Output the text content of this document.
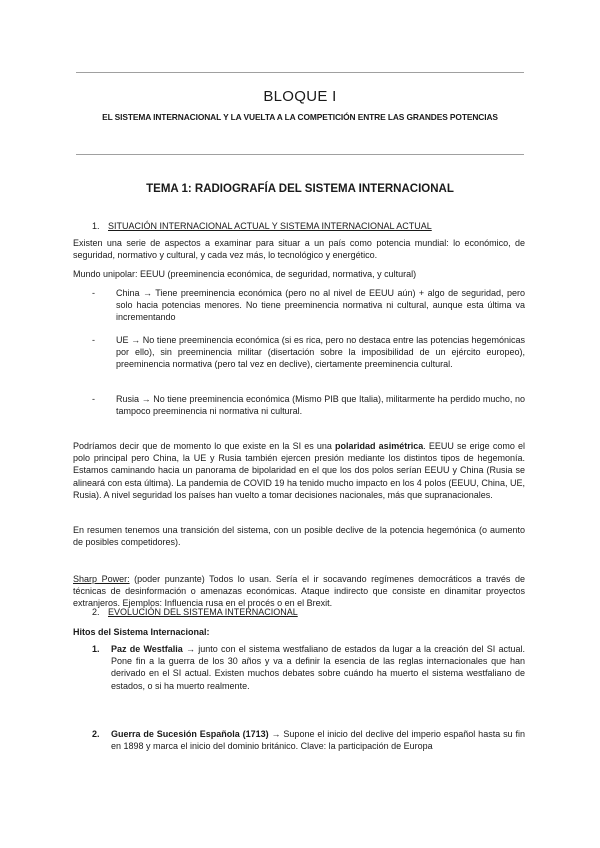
BLOQUE I
EL SISTEMA INTERNACIONAL Y LA VUELTA A LA COMPETICIÓN ENTRE LAS GRANDES POTENCIAS
TEMA 1: RADIOGRAFÍA DEL SISTEMA INTERNACIONAL
1. SITUACIÓN INTERNACIONAL ACTUAL Y SISTEMA INTERNACIONAL ACTUAL

Existen una serie de aspectos a examinar para situar a un país como potencia mundial: lo económico, de seguridad, normativo y cultural, y cada vez más, lo tecnológico y energético.

Mundo unipolar: EEUU (preeminencia económica, de seguridad, normativa, y cultural)

- China → Tiene preeminencia económica (pero no al nivel de EEUU aún) + algo de seguridad, pero solo hacia potencias menores. No tiene preeminencia normativa ni cultural, aunque esta última va incrementando
- UE → No tiene preeminencia económica (si es rica, pero no destaca entre las potencias hegemónicas por ello), sin preeminencia militar (disertación sobre la imposibilidad de un ejército europeo), preeminencia normativa (pero tal vez en declive), ciertamente preeminencia cultural.
- Rusia → No tiene preeminencia económica (Mismo PIB que Italia), militarmente ha perdido mucho, no tampoco preeminencia ni normativa ni cultural.

Podríamos decir que de momento lo que existe en la SI es una polaridad asimétrica. EEUU se erige como el polo principal pero China, la UE y Rusia también ejercen presión mediante los distintos tipos de hegemonía. Estamos caminando hacia un panorama de bipolaridad en el que los dos polos serían EEUU y China (Rusia se alineará con esta última). La pandemia de COVID 19 ha tenido mucho impacto en los 4 polos (EEUU, China, UE, Rusia). A nivel seguridad los países han vuelto a tomar decisiones nacionales, más que supranacionales.

En resumen tenemos una transición del sistema, con un posible declive de la potencia hegemónica (o aumento de posibles competidores).

Sharp Power: (poder punzante) Todos lo usan. Sería el ir socavando regímenes democráticos a través de técnicas de desinformación o amenazas económicas. Ataque indirecto que consiste en dinamitar proyectos extranjeros. Ejemplos: Influencia rusa en el procés o en el Brexit.

2. EVOLUCIÓN DEL SISTEMA INTERNACIONAL
Hitos del Sistema Internacional:
1. Paz de Westfalia → junto con el sistema westfaliano de estados da lugar a la creación del SI actual. Pone fin a la guerra de los 30 años y va a definir la esencia de las reglas internacionales que han derivado en el SI actual. Existen muchos debates sobre cuándo ha muerto el sistema westfaliano de estados, o si ha muerto realmente.
2. Guerra de Sucesión Española (1713) → Supone el inicio del declive del imperio español hasta su fin en 1898 y marca el inicio del dominio británico. Clave: la participación de Europa
